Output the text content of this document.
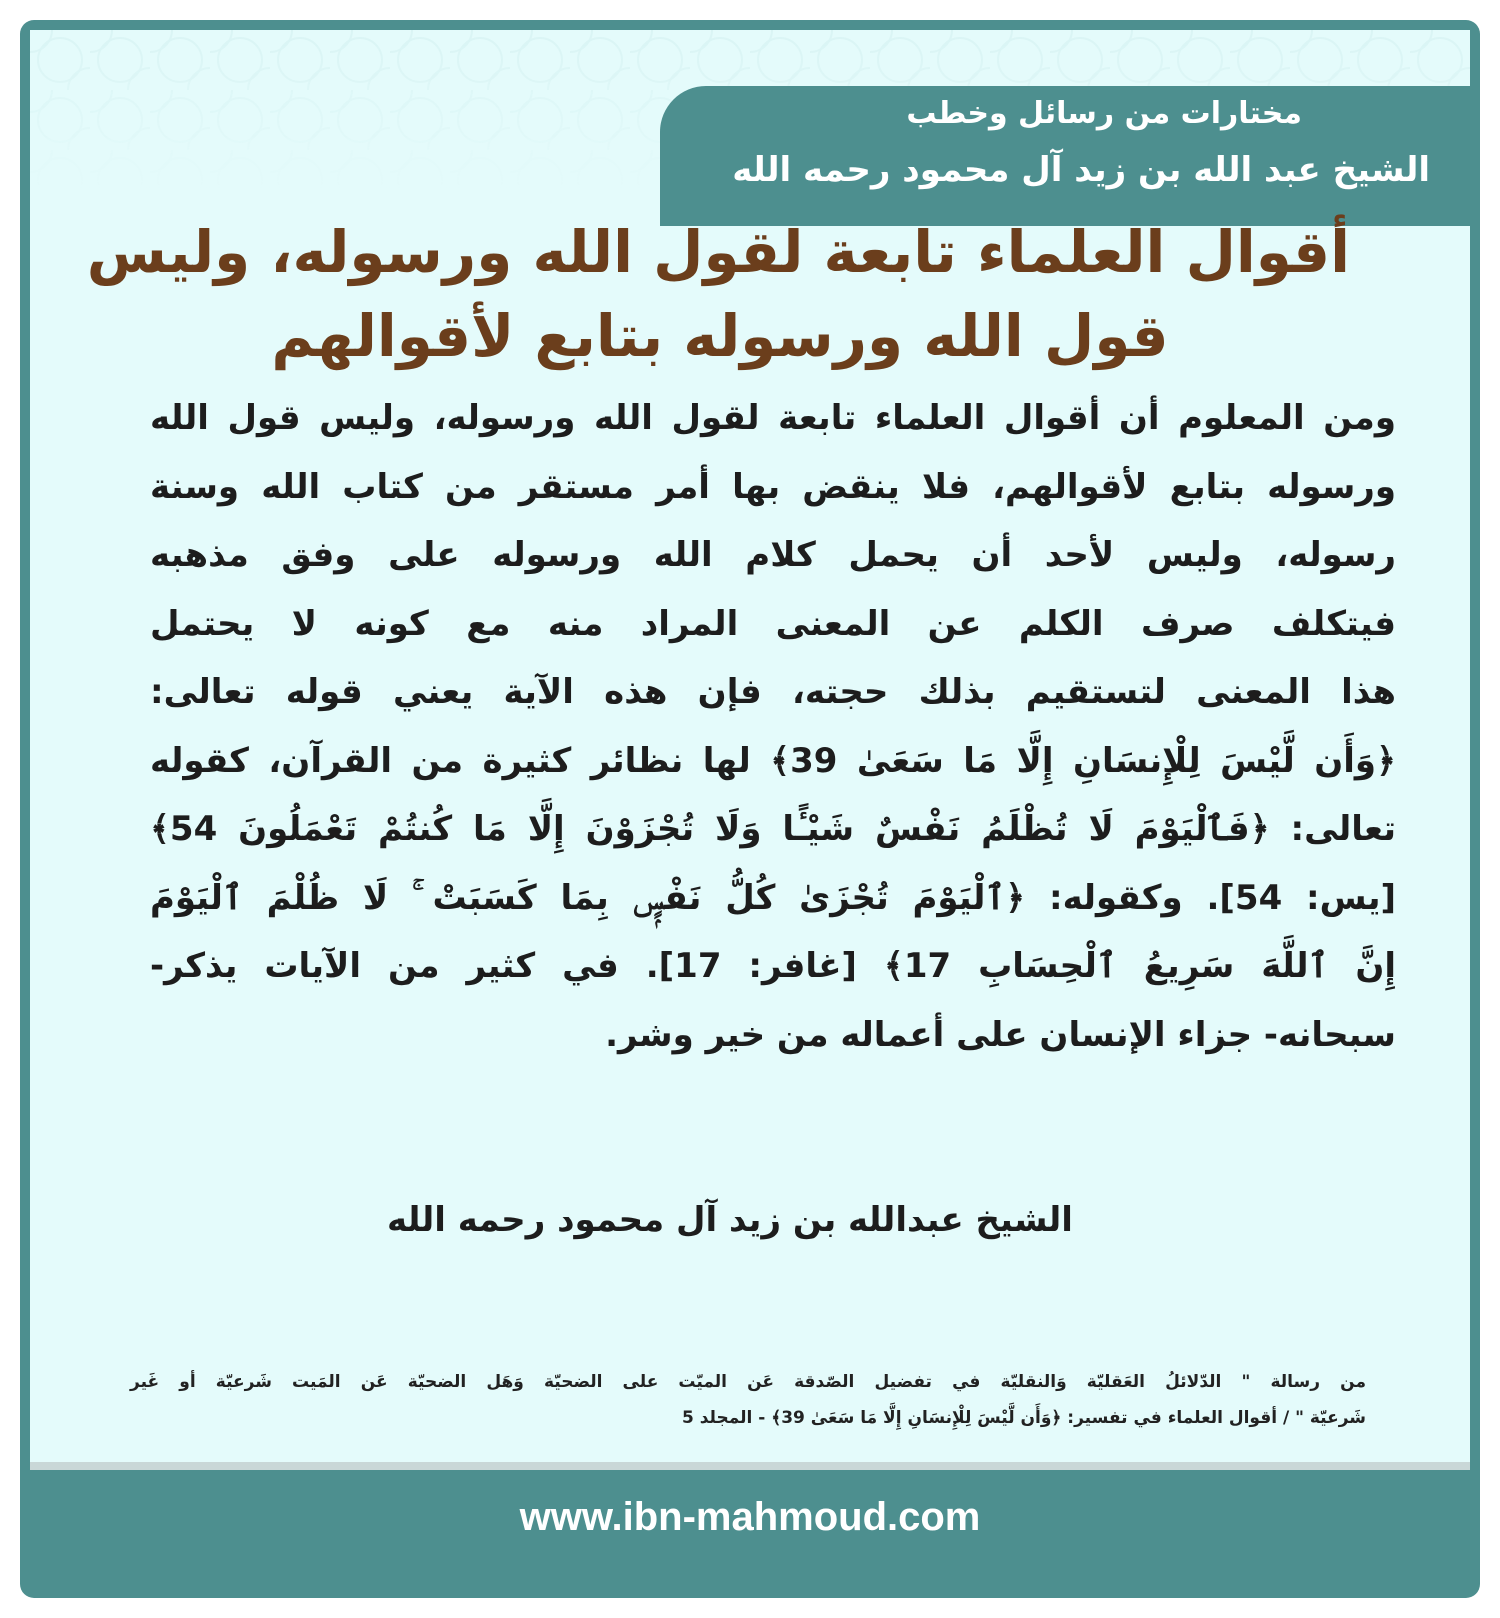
مختارات من رسائل وخطب
الشيخ عبد الله بن زيد آل محمود رحمه الله
أقوال العلماء تابعة لقول الله ورسوله، وليس
قول الله ورسوله بتابع لأقوالهم
ومن المعلوم أن أقوال العلماء تابعة لقول الله ورسوله، وليس قول الله
ورسوله بتابع لأقوالهم، فلا ينقض بها أمر مستقر من كتاب الله وسنة
رسوله، وليس لأحد أن يحمل كلام الله ورسوله على وفق مذهبه
فيتكلف صرف الكلم عن المعنى المراد منه مع كونه لا يحتمل
هذا المعنى لتستقيم بذلك حجته، فإن هذه الآية يعني قوله تعالى:
﴿وَأَن لَّيْسَ لِلْإِنسَانِ إِلَّا مَا سَعَىٰ 39﴾ لها نظائر كثيرة من القرآن، كقوله
تعالى: ﴿فَٱلْيَوْمَ لَا تُظْلَمُ نَفْسٌ شَيْـًٔا وَلَا تُجْزَوْنَ إِلَّا مَا كُنتُمْ تَعْمَلُونَ 54﴾
[يس: 54]. وكقوله: ﴿ٱلْيَوْمَ تُجْزَىٰ كُلُّ نَفْسٍۭ بِمَا كَسَبَتْ ۚ لَا ظُلْمَ ٱلْيَوْمَ
إِنَّ ٱللَّهَ سَرِيعُ ٱلْحِسَابِ 17﴾ [غافر: 17]. في كثير من الآيات يذكر-
سبحانه- جزاء الإنسان على أعماله من خير وشر.
الشيخ عبدالله بن زيد آل محمود رحمه الله
من رسالة " الدّلائلُ العَقليّة وَالنقليّة في تفضيل الصّدقة عَن الميّت على الضحيّة وَهَل الضحيّة عَن المَيت شَرعيّة أو غَير
شَرعيّة " / أقوال العلماء في تفسير: ﴿وَأَن لَّيْسَ لِلْإِنسَانِ إِلَّا مَا سَعَىٰ 39﴾ - المجلد 5
www.ibn-mahmoud.com
